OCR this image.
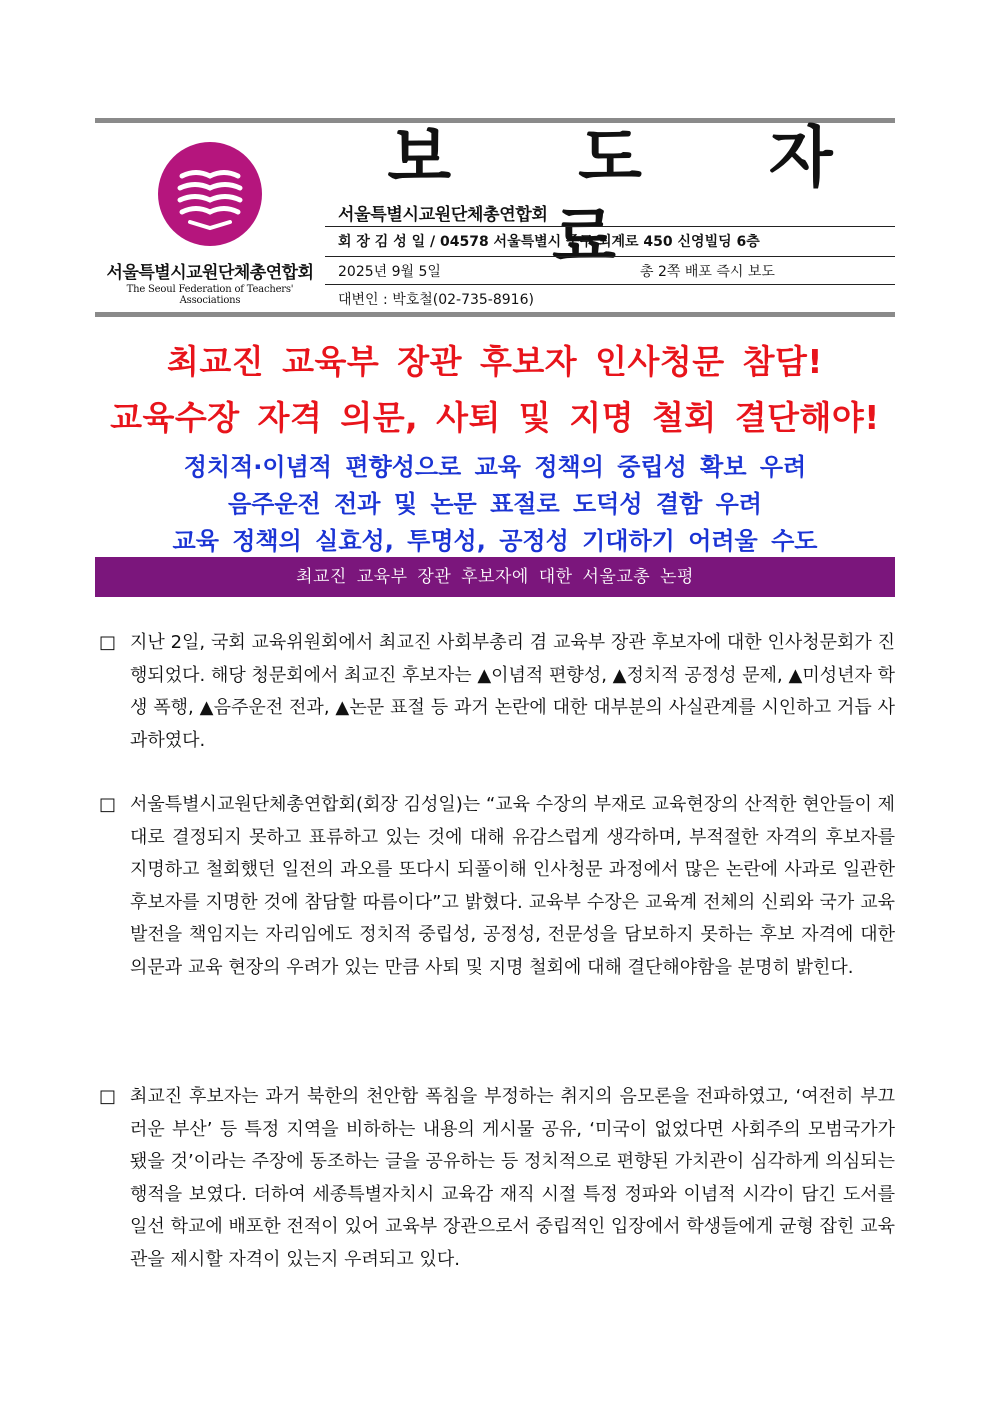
서울특별시교원단체총연합회
The Seoul Federation of Teachers' Associations
보 도 자 료
서울특별시교원단체총연합회
회 장 김 성 일 / 04578 서울특별시 중구 퇴계로 450 신영빌딩 6층
2025년 9월 5일	총 2쪽 배포 즉시 보도
대변인 : 박호철(02-735-8916)
최교진 교육부 장관 후보자 인사청문 참담!
교육수장 자격 의문, 사퇴 및 지명 철회 결단해야!
정치적·이념적 편향성으로 교육 정책의 중립성 확보 우려
음주운전 전과 및 논문 표절로 도덕성 결함 우려
교육 정책의 실효성, 투명성, 공정성 기대하기 어려울 수도
최교진 교육부 장관 후보자에 대한 서울교총 논평
□ 지난 2일, 국회 교육위원회에서 최교진 사회부총리 겸 교육부 장관 후보자에 대한 인사청문회가 진행되었다. 해당 청문회에서 최교진 후보자는 ▲이념적 편향성, ▲정치적 공정성 문제, ▲미성년자 학생 폭행, ▲음주운전 전과, ▲논문 표절 등 과거 논란에 대한 대부분의 사실관계를 시인하고 거듭 사과하였다.
□ 서울특별시교원단체총연합회(회장 김성일)는 “교육 수장의 부재로 교육현장의 산적한 현안들이 제대로 결정되지 못하고 표류하고 있는 것에 대해 유감스럽게 생각하며, 부적절한 자격의 후보자를 지명하고 철회했던 일전의 과오를 또다시 되풀이해 인사청문 과정에서 많은 논란에 사과로 일관한 후보자를 지명한 것에 참담할 따름이다”고 밝혔다. 교육부 수장은 교육계 전체의 신뢰와 국가 교육 발전을 책임지는 자리임에도 정치적 중립성, 공정성, 전문성을 담보하지 못하는 후보 자격에 대한 의문과 교육 현장의 우려가 있는 만큼 사퇴 및 지명 철회에 대해 결단해야함을 분명히 밝힌다.
□ 최교진 후보자는 과거 북한의 천안함 폭침을 부정하는 취지의 음모론을 전파하였고, ‘여전히 부끄러운 부산’ 등 특정 지역을 비하하는 내용의 게시물 공유, ‘미국이 없었다면 사회주의 모범국가가 됐을 것’이라는 주장에 동조하는 글을 공유하는 등 정치적으로 편향된 가치관이 심각하게 의심되는 행적을 보였다. 더하여 세종특별자치시 교육감 재직 시절 특정 정파와 이념적 시각이 담긴 도서를 일선 학교에 배포한 전적이 있어 교육부 장관으로서 중립적인 입장에서 학생들에게 균형 잡힌 교육관을 제시할 자격이 있는지 우려되고 있다.
